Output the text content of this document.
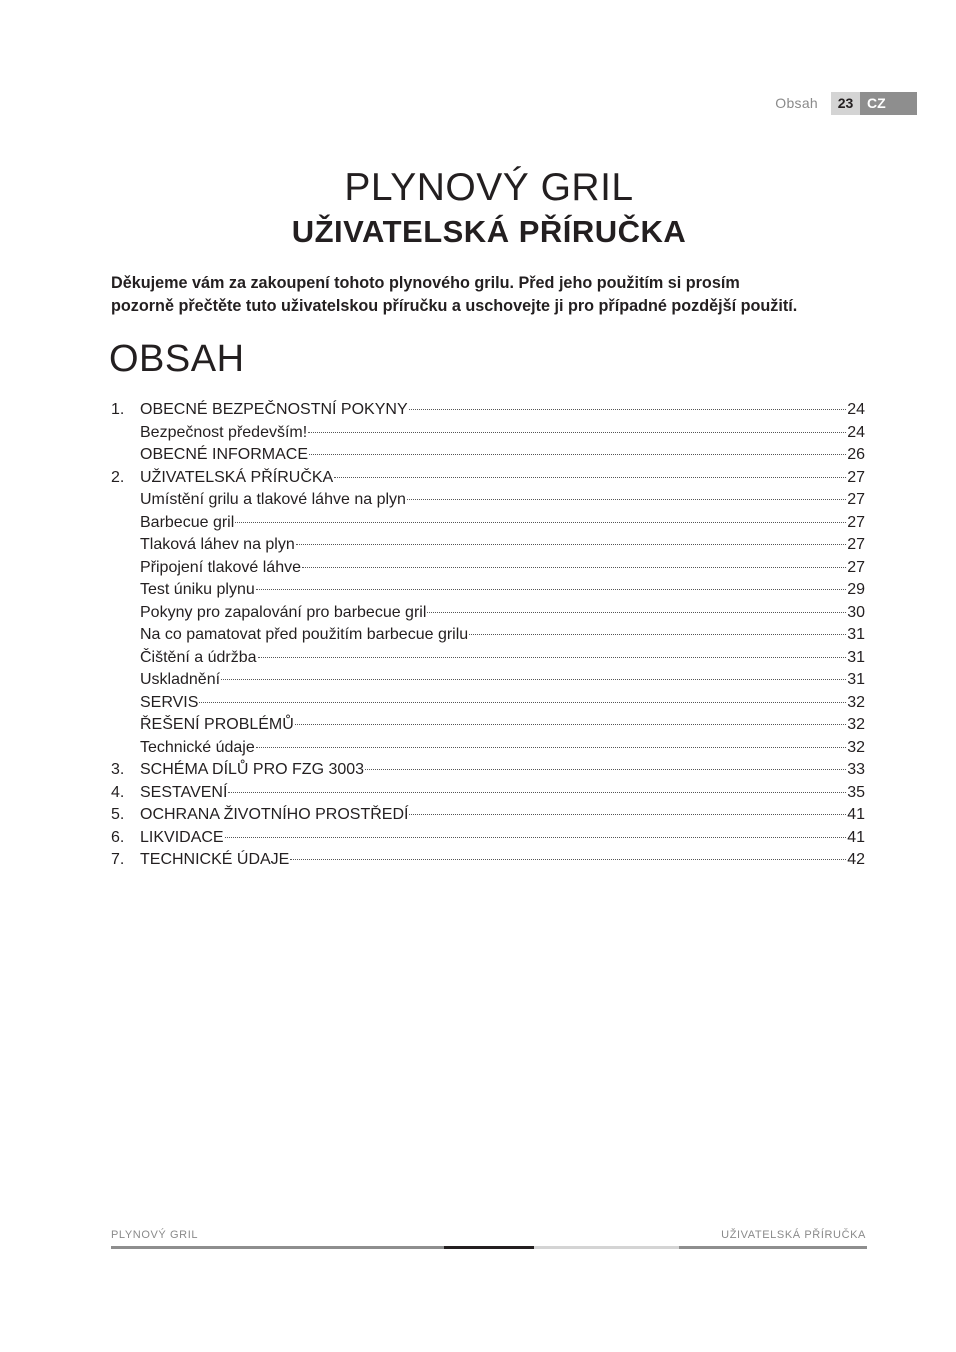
Obsah	23 CZ
PLYNOVÝ GRIL
UŽIVATELSKÁ PŘÍRUČKA
Děkujeme vám za zakoupení tohoto plynového grilu. Před jeho použitím si prosím
pozorně přečtěte tuto uživatelskou příručku a uschovejte ji pro případné pozdější použití.
OBSAH
1. OBECNÉ BEZPEČNOSTNÍ POKYNY	24
Bezpečnost především!	24
OBECNÉ INFORMACE	26
2. UŽIVATELSKÁ PŘÍRUČKA	27
Umístění grilu a tlakové láhve na plyn	27
Barbecue gril	27
Tlaková láhev na plyn	27
Připojení tlakové láhve	27
Test úniku plynu	29
Pokyny pro zapalování pro barbecue gril	30
Na co pamatovat před použitím barbecue grilu	31
Čištění a údržba	31
Uskladnění	31
SERVIS	32
ŘEŠENÍ PROBLÉMŮ	32
Technické údaje	32
3. SCHÉMA DÍLŮ PRO FZG 3003	33
4. SESTAVENÍ	35
5. OCHRANA ŽIVOTNÍHO PROSTŘEDÍ	41
6. LIKVIDACE	41
7. TECHNICKÉ ÚDAJE	42
PLYNOVÝ GRIL	UŽIVATELSKÁ PŘÍRUČKA
